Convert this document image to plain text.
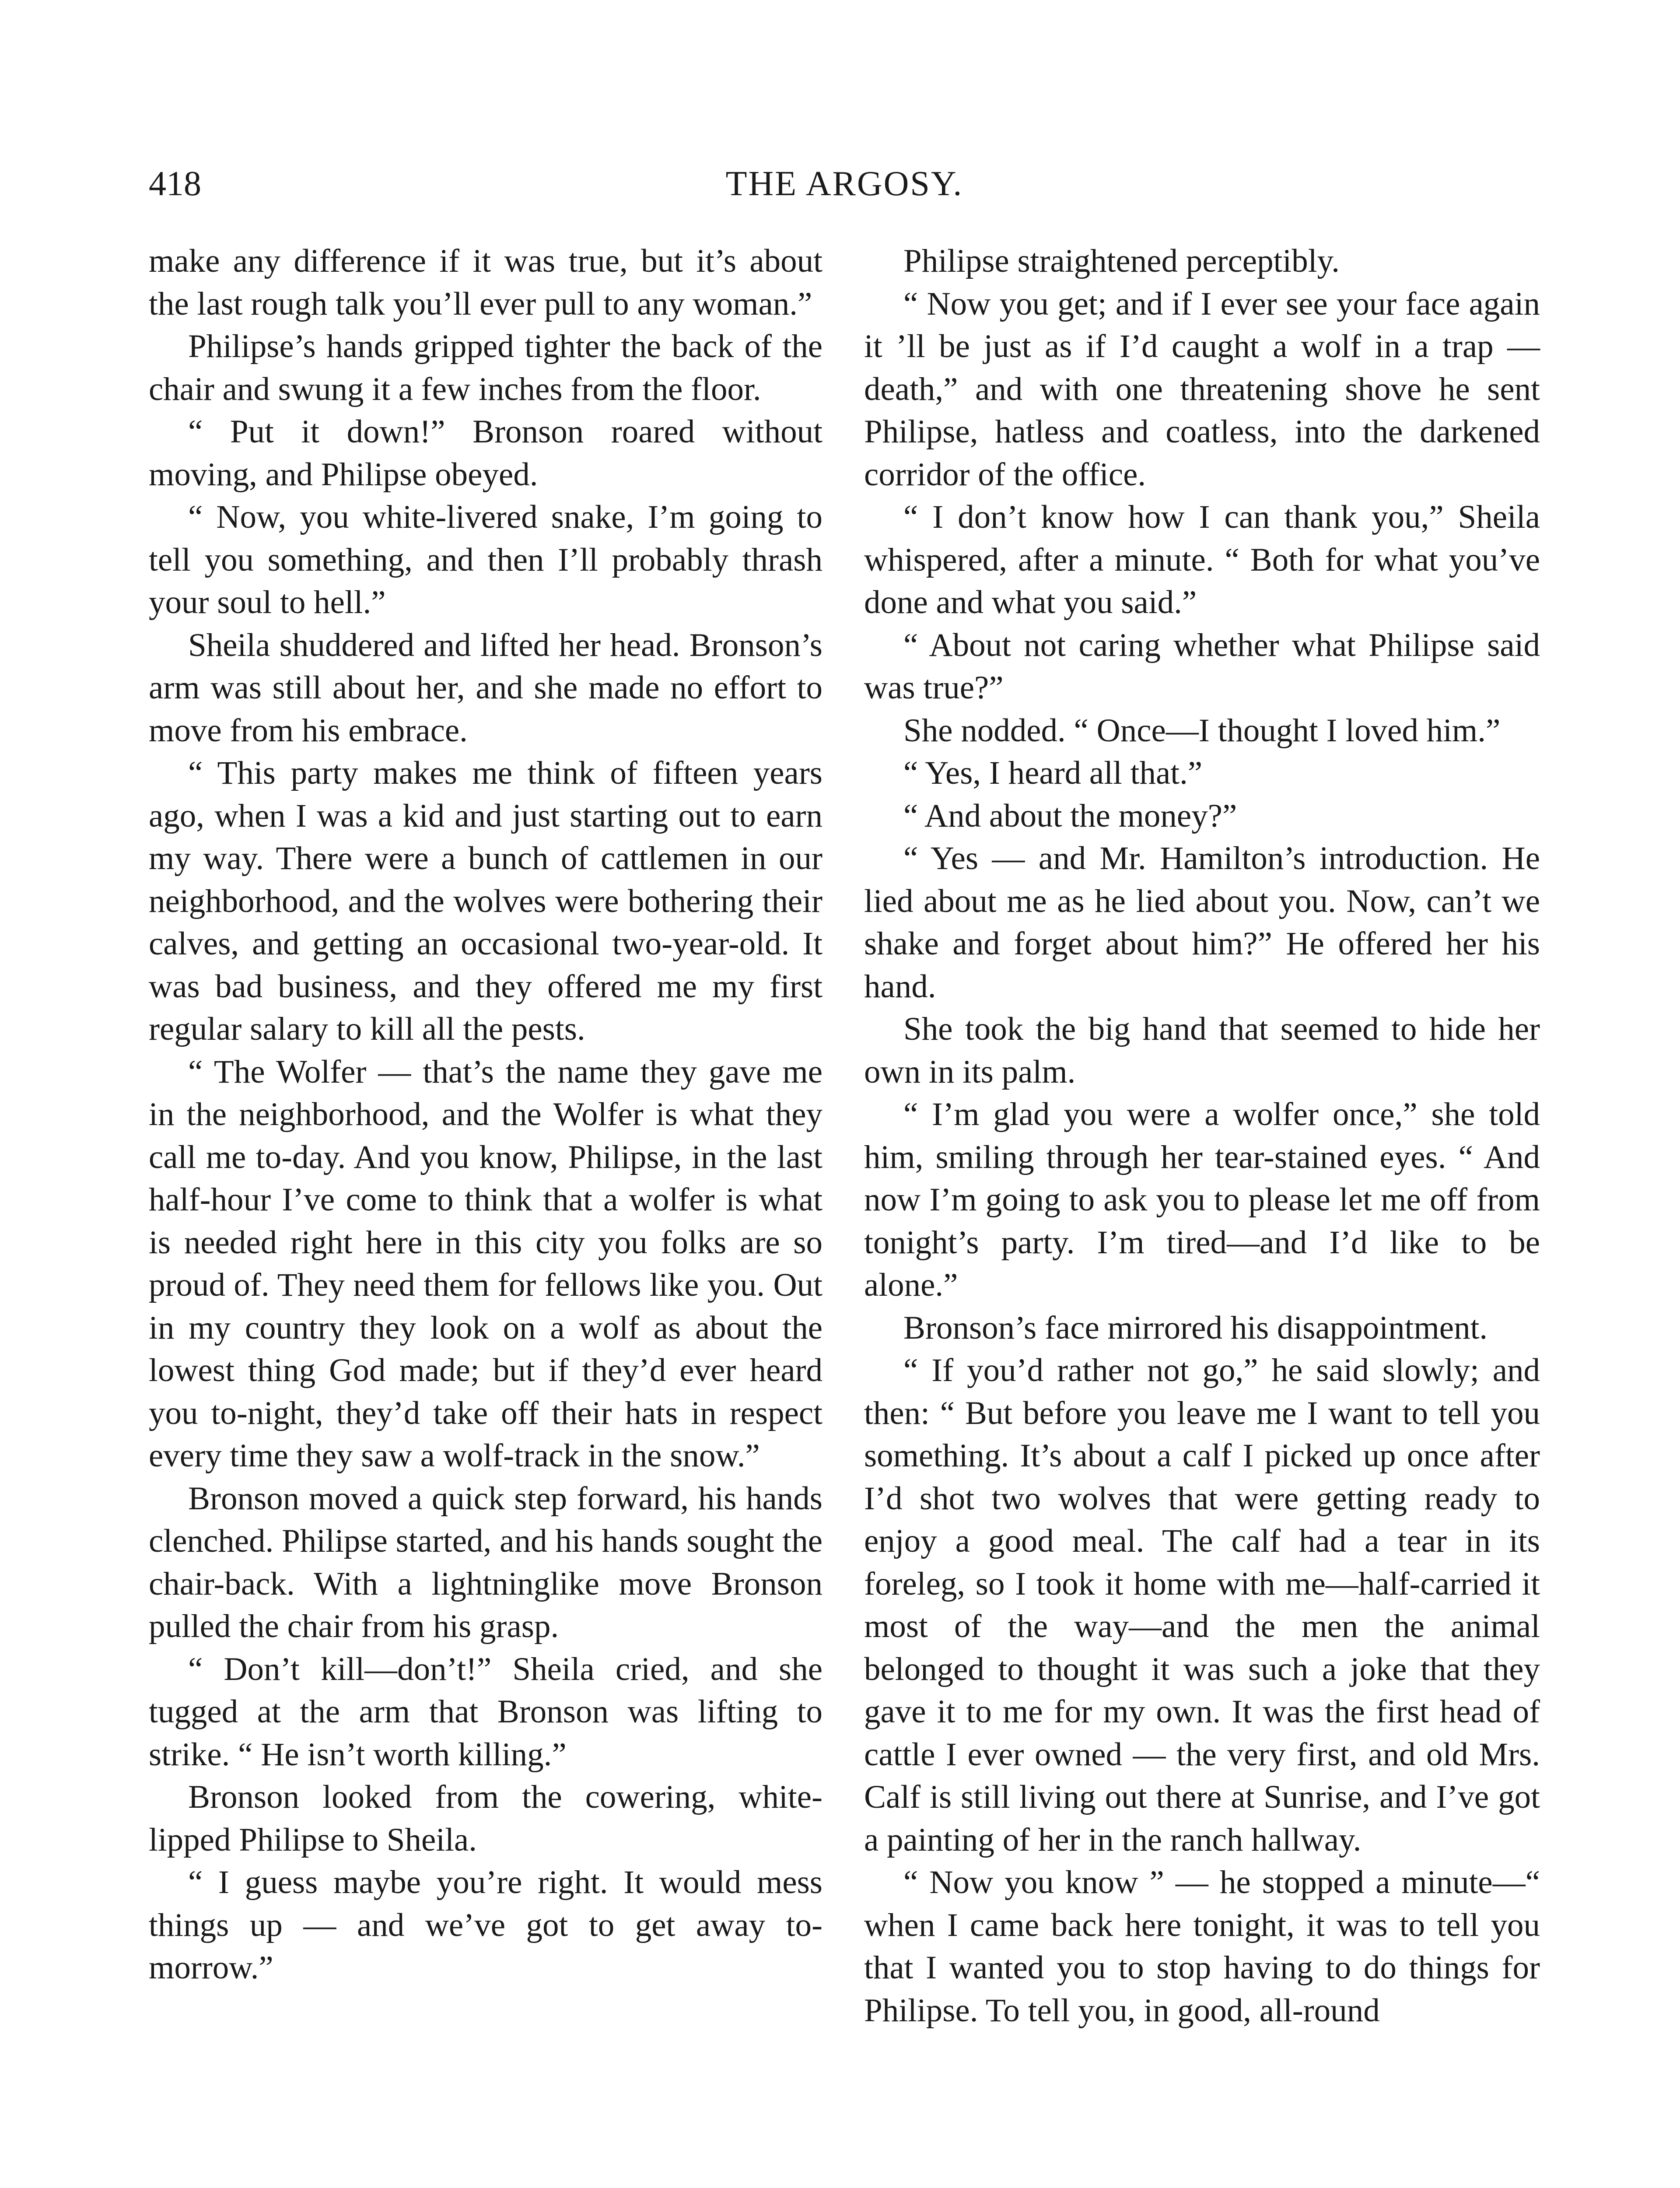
418	THE ARGOSY.

make any difference if it was true, but it’s about the last rough talk you’ll ever pull to any woman.”

Philipse’s hands gripped tighter the back of the chair and swung it a few inches from the floor.

“ Put it down!” Bronson roared without moving, and Philipse obeyed.

“ Now, you white-livered snake, I’m going to tell you something, and then I’ll probably thrash your soul to hell.”

Sheila shuddered and lifted her head. Bronson’s arm was still about her, and she made no effort to move from his embrace.

“ This party makes me think of fifteen years ago, when I was a kid and just starting out to earn my way. There were a bunch of cattlemen in our neighborhood, and the wolves were bothering their calves, and getting an occasional two-year-old. It was bad business, and they offered me my first regular salary to kill all the pests.

“ The Wolfer — that’s the name they gave me in the neighborhood, and the Wolfer is what they call me to-day. And you know, Philipse, in the last half-hour I’ve come to think that a wolfer is what is needed right here in this city you folks are so proud of. They need them for fellows like you. Out in my country they look on a wolf as about the lowest thing God made; but if they’d ever heard you to-night, they’d take off their hats in respect every time they saw a wolf-track in the snow.”

Bronson moved a quick step forward, his hands clenched. Philipse started, and his hands sought the chair-back. With a lightninglike move Bronson pulled the chair from his grasp.

“ Don’t kill—don’t!” Sheila cried, and she tugged at the arm that Bronson was lifting to strike. “ He isn’t worth killing.”

Bronson looked from the cowering, white-lipped Philipse to Sheila.

“ I guess maybe you’re right. It would mess things up — and we’ve got to get away to-morrow.”

Philipse straightened perceptibly.

“ Now you get; and if I ever see your face again it ’ll be just as if I’d caught a wolf in a trap — death,” and with one threatening shove he sent Philipse, hatless and coatless, into the darkened corridor of the office.

“ I don’t know how I can thank you,” Sheila whispered, after a minute. “ Both for what you’ve done and what you said.”

“ About not caring whether what Philipse said was true?”

She nodded. “ Once—I thought I loved him.”

“ Yes, I heard all that.”

“ And about the money?”

“ Yes — and Mr. Hamilton’s introduction. He lied about me as he lied about you. Now, can’t we shake and forget about him?” He offered her his hand.

She took the big hand that seemed to hide her own in its palm.

“ I’m glad you were a wolfer once,” she told him, smiling through her tear-stained eyes. “ And now I’m going to ask you to please let me off from tonight’s party. I’m tired—and I’d like to be alone.”

Bronson’s face mirrored his disappointment.

“ If you’d rather not go,” he said slowly; and then: “ But before you leave me I want to tell you something. It’s about a calf I picked up once after I’d shot two wolves that were getting ready to enjoy a good meal. The calf had a tear in its foreleg, so I took it home with me—half-carried it most of the way—and the men the animal belonged to thought it was such a joke that they gave it to me for my own. It was the first head of cattle I ever owned — the very first, and old Mrs. Calf is still living out there at Sunrise, and I’ve got a painting of her in the ranch hallway.

“ Now you know ” — he stopped a minute—“ when I came back here tonight, it was to tell you that I wanted you to stop having to do things for Philipse. To tell you, in good, all-round
